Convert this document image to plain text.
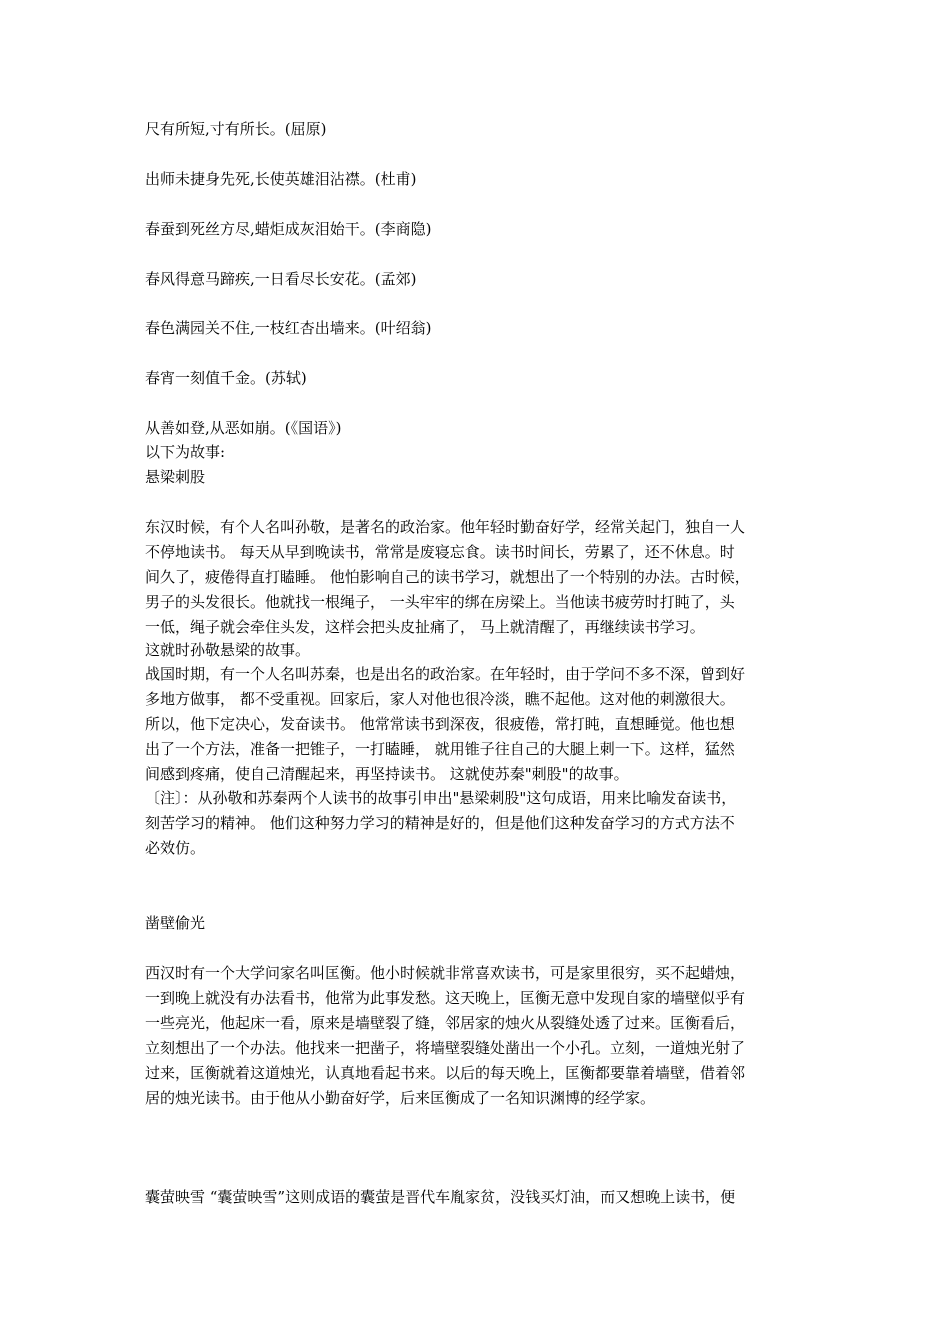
尺有所短,寸有所长。(屈原)
出师未捷身先死,长使英雄泪沾襟。(杜甫)
春蚕到死丝方尽,蜡炬成灰泪始干。(李商隐)
春风得意马蹄疾,一日看尽长安花。(孟郊)
春色满园关不住,一枝红杏出墙来。(叶绍翁)
春宵一刻值千金。(苏轼)
从善如登,从恶如崩。(《国语》)
以下为故事:
悬梁刺股
东汉时候，有个人名叫孙敬，是著名的政治家。他年轻时勤奋好学，经常关起门，独自一人
不停地读书。 每天从早到晚读书，常常是废寝忘食。读书时间长，劳累了，还不休息。时
间久了，疲倦得直打瞌睡。 他怕影响自己的读书学习，就想出了一个特别的办法。古时候，
男子的头发很长。他就找一根绳子， 一头牢牢的绑在房梁上。当他读书疲劳时打盹了，头
一低，绳子就会牵住头发，这样会把头皮扯痛了， 马上就清醒了，再继续读书学习。
这就时孙敬悬梁的故事。
战国时期，有一个人名叫苏秦，也是出名的政治家。在年轻时，由于学问不多不深，曾到好
多地方做事， 都不受重视。回家后，家人对他也很冷淡，瞧不起他。这对他的刺激很大。
所以，他下定决心，发奋读书。 他常常读书到深夜，很疲倦，常打盹，直想睡觉。他也想
出了一个方法，准备一把锥子，一打瞌睡， 就用锥子往自己的大腿上刺一下。这样，猛然
间感到疼痛，使自己清醒起来，再坚持读书。 这就使苏秦"刺股"的故事。
〔注〕：从孙敬和苏秦两个人读书的故事引申出"悬梁刺股"这句成语，用来比喻发奋读书，
刻苦学习的精神。 他们这种努力学习的精神是好的，但是他们这种发奋学习的方式方法不
必效仿。
凿壁偷光
西汉时有一个大学问家名叫匡衡。他小时候就非常喜欢读书，可是家里很穷，买不起蜡烛，
一到晚上就没有办法看书，他常为此事发愁。这天晚上，匡衡无意中发现自家的墙壁似乎有
一些亮光，他起床一看，原来是墙壁裂了缝，邻居家的烛火从裂缝处透了过来。匡衡看后，
立刻想出了一个办法。他找来一把凿子，将墙壁裂缝处凿出一个小孔。立刻，一道烛光射了
过来，匡衡就着这道烛光，认真地看起书来。以后的每天晚上，匡衡都要靠着墙壁，借着邻
居的烛光读书。由于他从小勤奋好学，后来匡衡成了一名知识渊博的经学家。
囊萤映雪 “囊萤映雪”这则成语的囊萤是晋代车胤家贫，没钱买灯油，而又想晚上读书，便
